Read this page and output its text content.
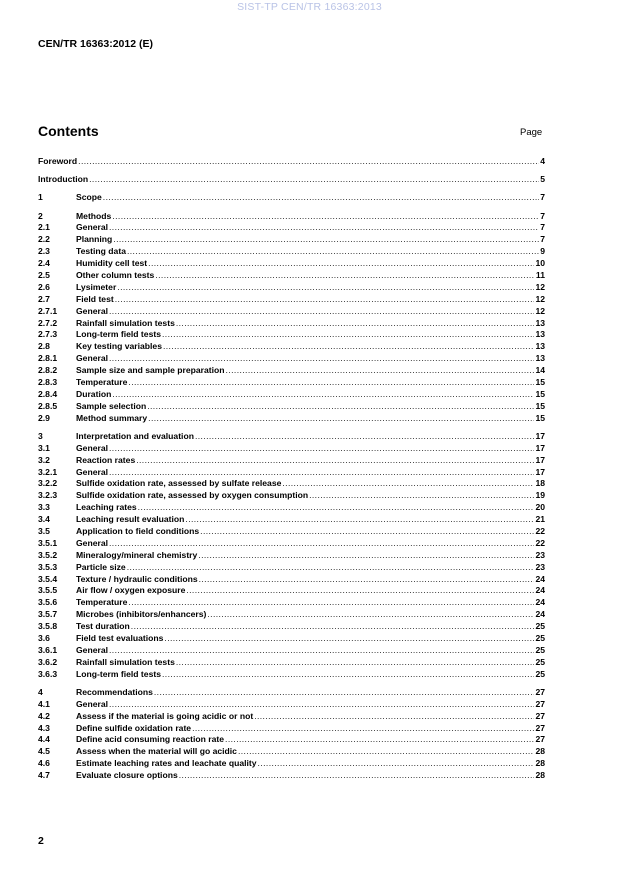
SIST-TP CEN/TR 16363:2013
CEN/TR 16363:2012 (E)
Contents	Page
Foreword .....	4
Introduction .....	5
1	Scope .....	7
2	Methods .....	7
2.1	General .....	7
2.2	Planning .....	7
2.3	Testing data .....	9
2.4	Humidity cell test .....	10
2.5	Other column tests .....	11
2.6	Lysimeter .....	12
2.7	Field test .....	12
2.7.1	General .....	12
2.7.2	Rainfall simulation tests .....	13
2.7.3	Long-term field tests .....	13
2.8	Key testing variables .....	13
2.8.1	General .....	13
2.8.2	Sample size and sample preparation .....	14
2.8.3	Temperature .....	15
2.8.4	Duration .....	15
2.8.5	Sample selection .....	15
2.9	Method summary .....	15
3	Interpretation and evaluation .....	17
3.1	General .....	17
3.2	Reaction rates .....	17
3.2.1	General .....	17
3.2.2	Sulfide oxidation rate, assessed by sulfate release .....	18
3.2.3	Sulfide oxidation rate, assessed by oxygen consumption .....	19
3.3	Leaching rates .....	20
3.4	Leaching result evaluation .....	21
3.5	Application to field conditions .....	22
3.5.1	General .....	22
3.5.2	Mineralogy/mineral chemistry .....	23
3.5.3	Particle size .....	23
3.5.4	Texture / hydraulic conditions .....	24
3.5.5	Air flow / oxygen exposure .....	24
3.5.6	Temperature .....	24
3.5.7	Microbes (inhibitors/enhancers) .....	24
3.5.8	Test duration .....	25
3.6	Field test evaluations .....	25
3.6.1	General .....	25
3.6.2	Rainfall simulation tests .....	25
3.6.3	Long-term field tests .....	25
4	Recommendations .....	27
4.1	General .....	27
4.2	Assess if the material is going acidic or not .....	27
4.3	Define sulfide oxidation rate .....	27
4.4	Define acid consuming reaction rate .....	27
4.5	Assess when the material will go acidic .....	28
4.6	Estimate leaching rates and leachate quality .....	28
4.7	Evaluate closure options .....	28
2
